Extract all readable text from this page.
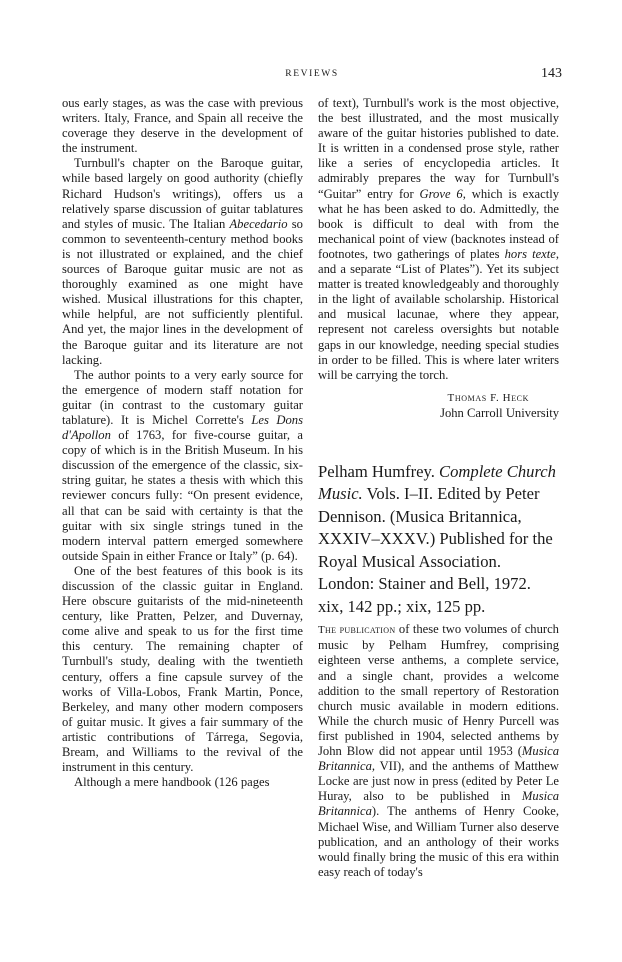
REVIEWS	143

ous early stages, as was the case with previous writers. Italy, France, and Spain all receive the coverage they deserve in the development of the instrument.

Turnbull's chapter on the Baroque guitar, while based largely on good authority (chiefly Richard Hudson's writings), offers us a relatively sparse discussion of guitar tablatures and styles of music. The Italian Abecedario so common to seventeenth-century method books is not illustrated or explained, and the chief sources of Baroque guitar music are not as thoroughly examined as one might have wished. Musical illustrations for this chapter, while helpful, are not sufficiently plentiful. And yet, the major lines in the development of the Baroque guitar and its literature are not lacking.

The author points to a very early source for the emergence of modern staff notation for guitar (in contrast to the customary guitar tablature). It is Michel Corrette's Les Dons d'Apollon of 1763, for five-course guitar, a copy of which is in the British Museum. In his discussion of the emergence of the classic, six-string guitar, he states a thesis with which this reviewer concurs fully: “On present evidence, all that can be said with certainty is that the guitar with six single strings tuned in the modern interval pattern emerged somewhere outside Spain in either France or Italy” (p. 64).

One of the best features of this book is its discussion of the classic guitar in England. Here obscure guitarists of the mid-nineteenth century, like Pratten, Pelzer, and Duvernay, come alive and speak to us for the first time this century. The remaining chapter of Turnbull's study, dealing with the twentieth century, offers a fine capsule survey of the works of Villa-Lobos, Frank Martin, Ponce, Berkeley, and many other modern composers of guitar music. It gives a fair summary of the artistic contributions of Tárrega, Segovia, Bream, and Williams to the revival of the instrument in this century.

Although a mere handbook (126 pages

of text), Turnbull's work is the most objective, the best illustrated, and the most musically aware of the guitar histories published to date. It is written in a condensed prose style, rather like a series of encyclopedia articles. It admirably prepares the way for Turnbull's “Guitar” entry for Grove 6, which is exactly what he has been asked to do. Admittedly, the book is difficult to deal with from the mechanical point of view (backnotes instead of footnotes, two gatherings of plates hors texte, and a separate “List of Plates”). Yet its subject matter is treated knowledgeably and thoroughly in the light of available scholarship. Historical and musical lacunae, where they appear, represent not careless oversights but notable gaps in our knowledge, needing special studies in order to be filled. This is where later writers will be carrying the torch.

Thomas F. Heck
John Carroll University
Pelham Humfrey. Complete Church Music. Vols. I–II. Edited by Peter Dennison. (Musica Britannica, XXXIV–XXXV.) Published for the Royal Musical Association. London: Stainer and Bell, 1972. xix, 142 pp.; xix, 125 pp.

The publication of these two volumes of church music by Pelham Humfrey, comprising eighteen verse anthems, a complete service, and a single chant, provides a welcome addition to the small repertory of Restoration church music available in modern editions. While the church music of Henry Purcell was first published in 1904, selected anthems by John Blow did not appear until 1953 (Musica Britannica, VII), and the anthems of Matthew Locke are just now in press (edited by Peter Le Huray, also to be published in Musica Britannica). The anthems of Henry Cooke, Michael Wise, and William Turner also deserve publication, and an anthology of their works would finally bring the music of this era within easy reach of today's
